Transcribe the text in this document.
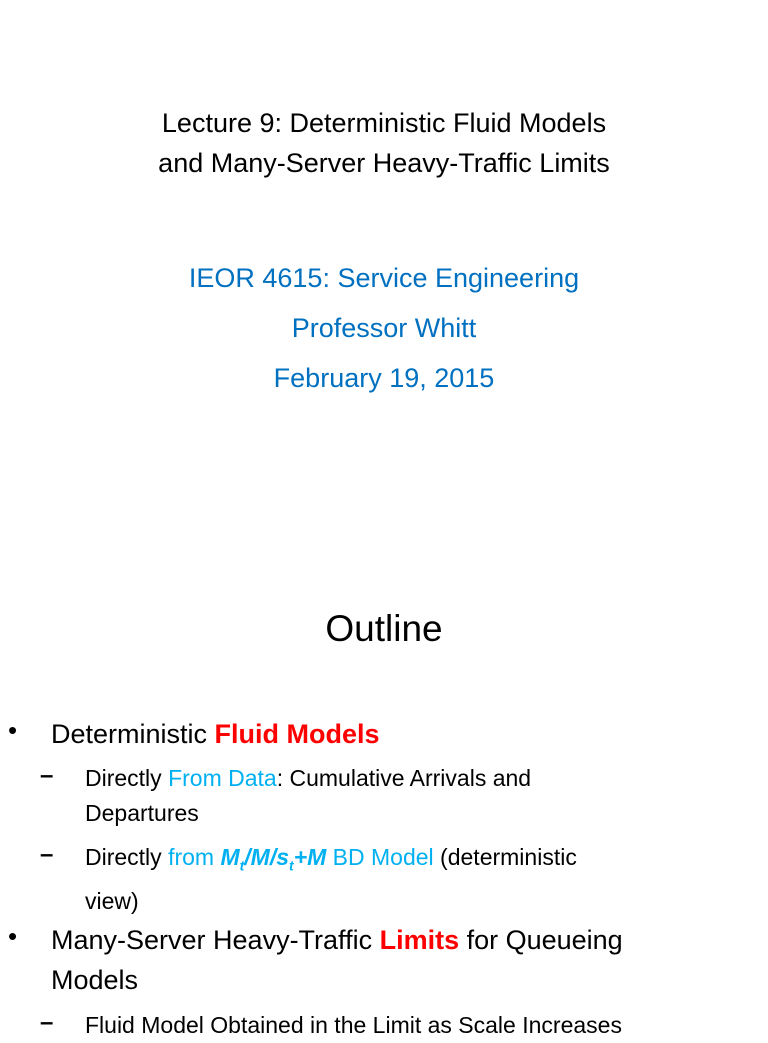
Lecture 9: Deterministic Fluid Models
and Many-Server Heavy-Traffic Limits
IEOR 4615: Service Engineering
Professor Whitt
February 19, 2015
Outline
• Deterministic Fluid Models
– Directly From Data: Cumulative Arrivals and
Departures
– Directly from $M_t/M/s_t+M$ BD Model (deterministic
view)
• Many-Server Heavy-Traffic Limits for Queueing
Models
– Fluid Model Obtained in the Limit as Scale Increases
